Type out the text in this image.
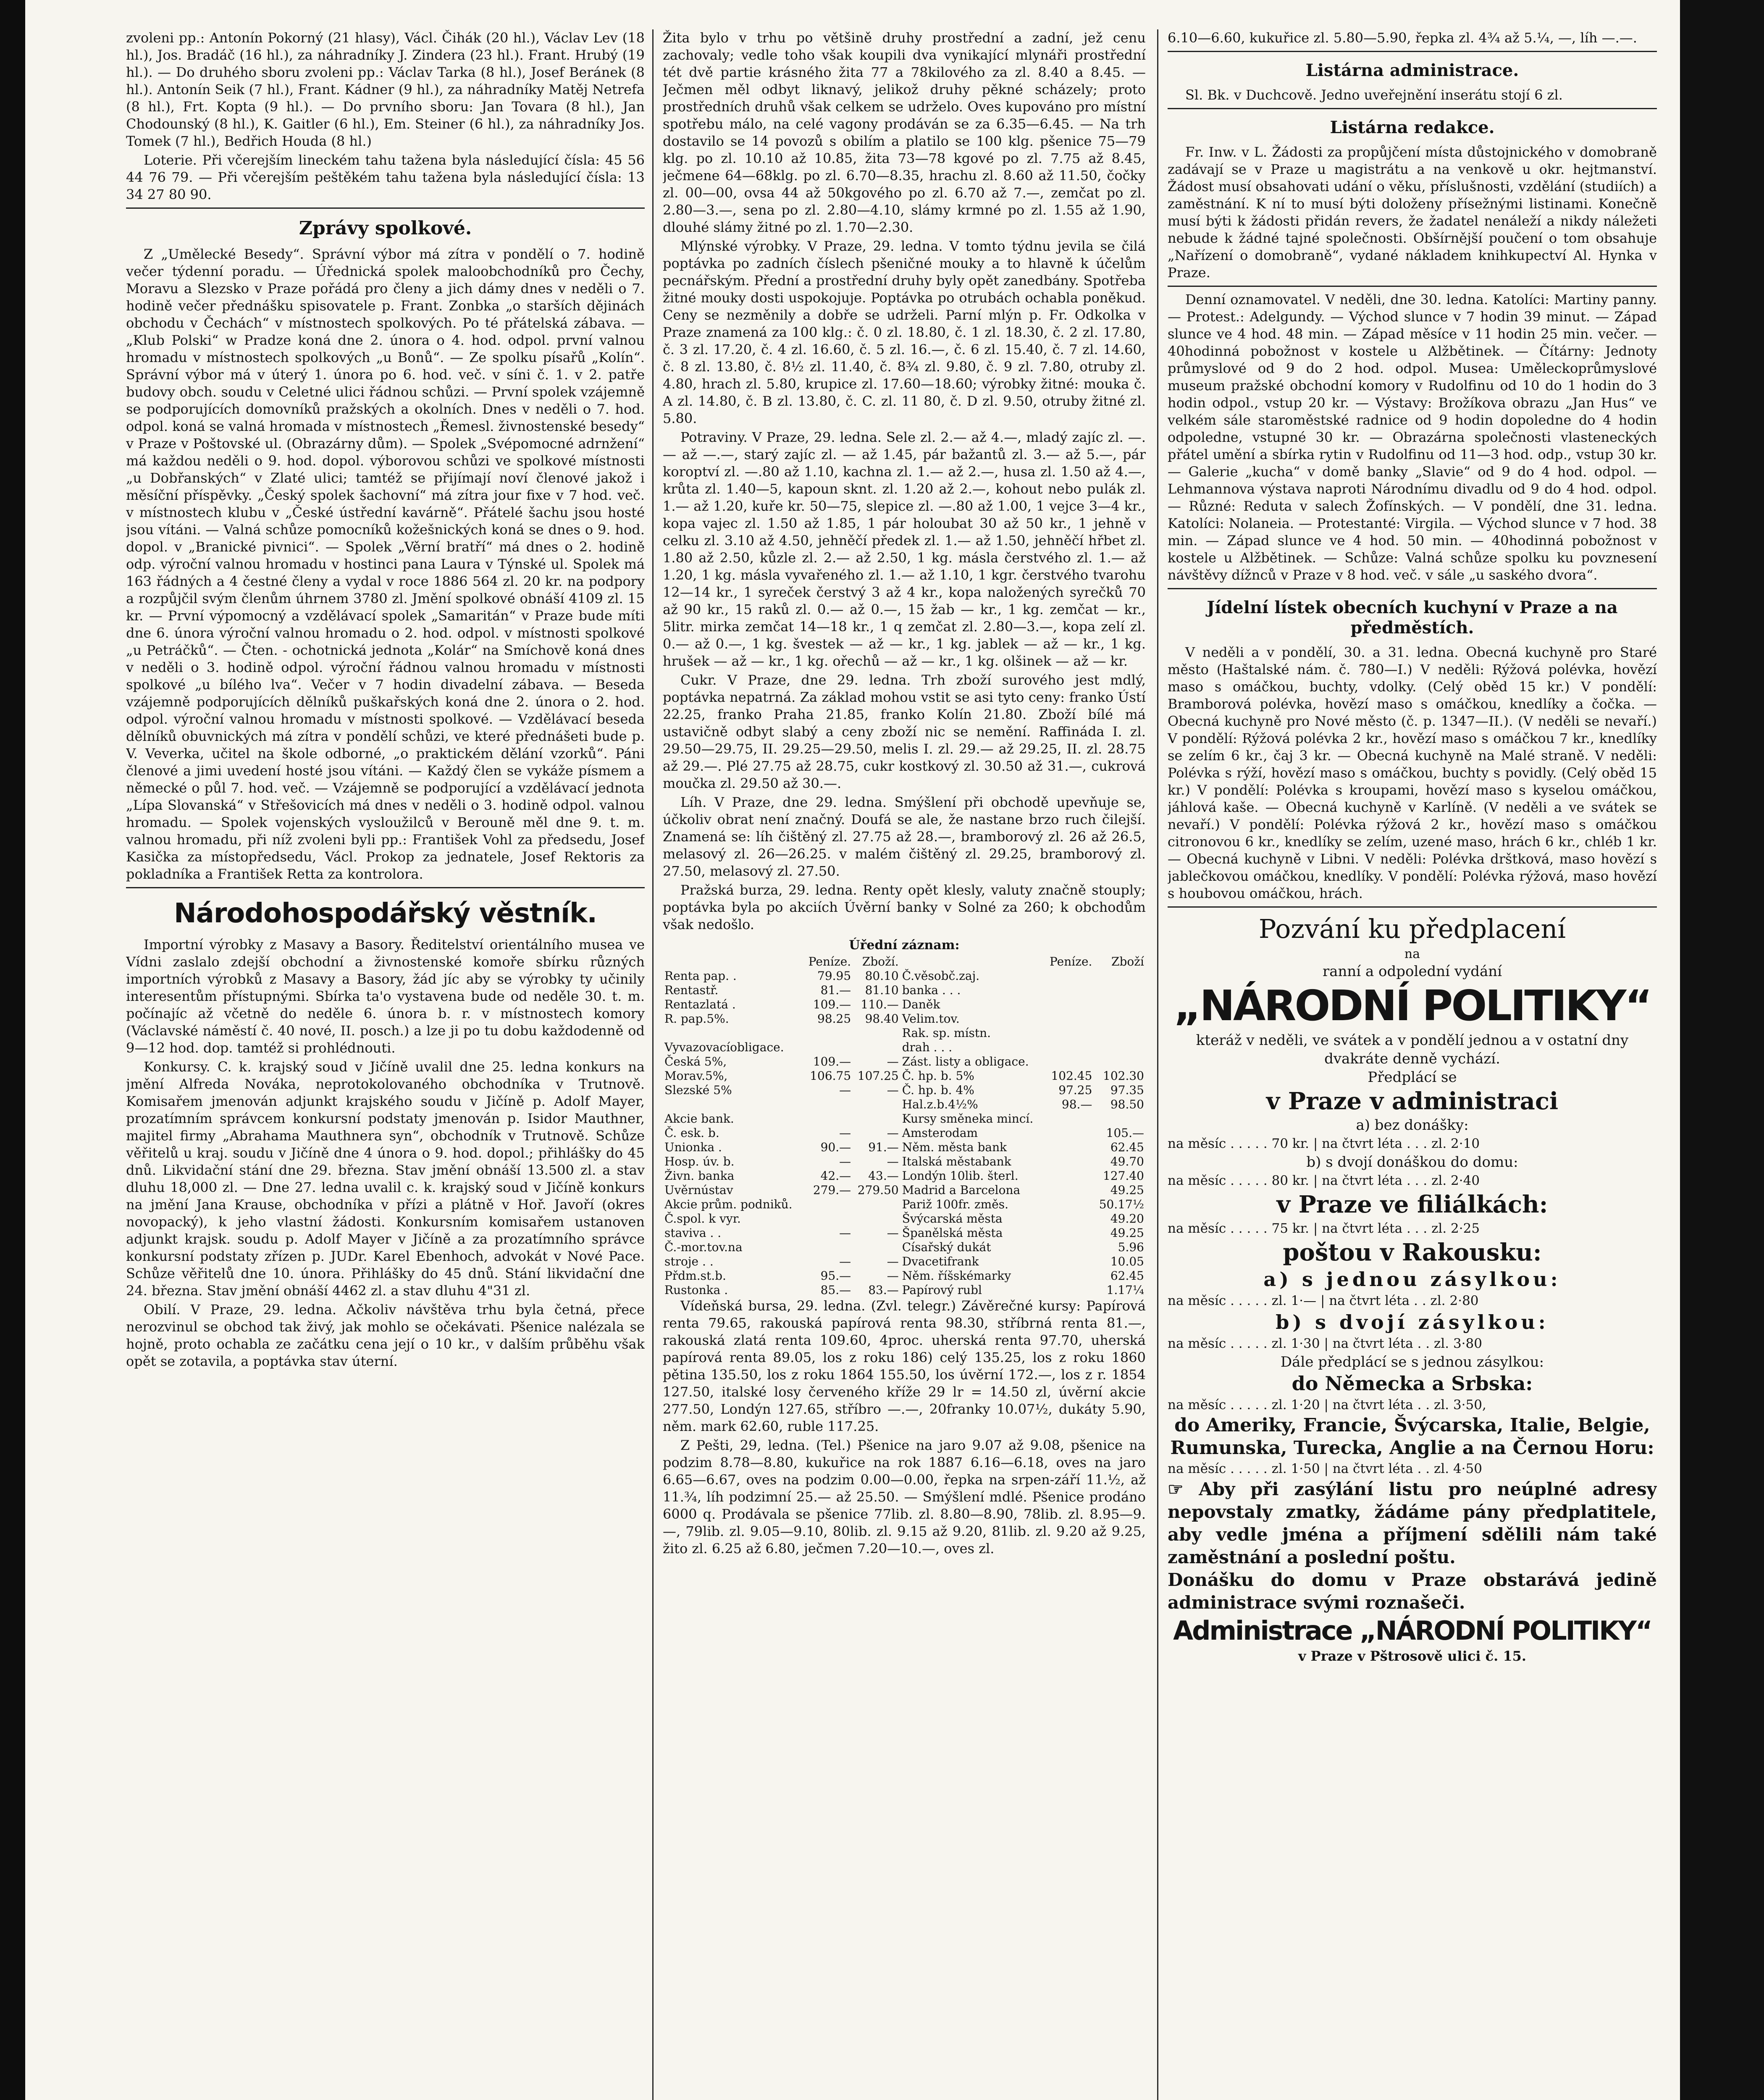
zvoleni pp.: Antonín Pokorný (21 hlasy), Václ. Čihák (20 hl.), Václav Lev (18 hl.), Jos. Bradáč (16 hl.), za náhradníky J. Zindera (23 hl.). Frant. Hrubý (19 hl.). — Do druhého sboru zvoleni pp.: Václav Tarka (8 hl.), Josef Beránek (8 hl.). Antonín Seik (7 hl.), Frant. Kádner (9 hl.), za náhradníky Matěj Netrefa (8 hl.), Frt. Kopta (9 hl.). — Do prvního sboru: Jan Tovara (8 hl.), Jan Chodounský (8 hl.), K. Gaitler (6 hl.), Em. Steiner (6 hl.), za náhradníky Jos. Tomek (7 hl.), Bedřich Houda (8 hl.)

Loterie. Při včerejším lineckém tahu tažena byla následující čísla: 45 56 44 76 79. — Při včerejším peštěkém tahu tažena byla následující čísla: 13 34 27 80 90.

Zprávy spolkové.

Z „Umělecké Besedy“. Správní výbor má zítra v pondělí o 7. hodině večer týdenní poradu. — Úřednická spolek maloobchodníků pro Čechy, Moravu a Slezsko v Praze pořádá pro členy a jich dámy dnes v neděli o 7. hodině večer přednášku spisovatele p. Frant. Zonbka „o starších dějinách obchodu v Čechách“ v místnostech spolkových. Po té přátelská zábava. — „Klub Polski“ w Pradze koná dne 2. února o 4. hod. odpol. první valnou hromadu v místnostech spolkových „u Bonů“. — Ze spolku písařů „Kolín“. Správní výbor má v úterý 1. února po 6. hod. več. v síni č. 1. v 2. patře budovy obch. soudu v Celetné ulici řádnou schůzi. — První spolek vzájemně se podporujících domovníků pražských a okolních. Dnes v neděli o 7. hod. odpol. koná se valná hromada v místnostech „Řemesl. živnostenské besedy“ v Praze v Poštovské ul. (Obrazárny dům). — Spolek „Svépomocné adrnžení“ má každou neděli o 9. hod. dopol. výborovou schůzi ve spolkové místnosti „u Dobřanských“ v Zlaté ulici; tamtéž se přijímají noví členové jakož i měsíční příspěvky. „Český spolek šachovní“ má zítra jour fixe v 7 hod. več. v místnostech klubu v „České ústřední kavárně“. Přátelé šachu jsou hosté jsou vítáni. — Valná schůze pomocníků kožešnických koná se dnes o 9. hod. dopol. v „Branické pivnici“. — Spolek „Věrní bratří“ má dnes o 2. hodině odp. výroční valnou hromadu v hostinci pana Laura v Týnské ul. Spolek má 163 řádných a 4 čestné členy a vydal v roce 1886 564 zl. 20 kr. na podpory a rozpůjčil svým členům úhrnem 3780 zl. Jmění spolkové obnáší 4109 zl. 15 kr. — První výpomocný a vzdělávací spolek „Samaritán“ v Praze bude míti dne 6. února výroční valnou hromadu o 2. hod. odpol. v místnosti spolkové „u Petráčků“. — Čten. - ochotnická jednota „Kolár“ na Smíchově koná dnes v neděli o 3. hodině odpol. výroční řádnou valnou hromadu v místnosti spolkové „u bílého lva“. Večer v 7 hodin divadelní zábava. — Beseda vzájemně podporujících dělníků puškařských koná dne 2. února o 2. hod. odpol. výroční valnou hromadu v místnosti spolkové. — Vzdělávací beseda dělníků obuvnických má zítra v pondělí schůzi, ve které přednášeti bude p. V. Veverka, učitel na škole odborné, „o praktickém dělání vzorků“. Páni členové a jimi uvedení hosté jsou vítáni. — Každý člen se vykáže písmem a německé o půl 7. hod. več. — Vzájemně se podporující a vzdělávací jednota „Lípa Slovanská“ v Střešovicích má dnes v neděli o 3. hodině odpol. valnou hromadu. — Spolek vojenských vysloužilců v Berouně měl dne 9. t. m. valnou hromadu, při níž zvoleni byli pp.: František Vohl za předsedu, Josef Kasička za místopředsedu, Václ. Prokop za jednatele, Josef Rektoris za pokladníka a František Retta za kontrolora.

Národohospodářský věstník.

Importní výrobky z Masavy a Basory. Ředitelství orientálního musea ve Vídni zaslalo zdejší obchodní a živnostenské komoře sbírku různých importních výrobků z Masavy a Basory, žád jíc aby se výrobky ty učinily interesentům přístupnými. Sbírka ta'o vystavena bude od neděle 30. t. m. počínajíc až včetně do neděle 6. února b. r. v místnostech komory (Václavské náměstí č. 40 nové, II. posch.) a lze ji po tu dobu každodenně od 9—12 hod. dop. tamtéž si prohlédnouti.

Konkursy. C. k. krajský soud v Jičíně uvalil dne 25. ledna konkurs na jmění Alfreda Nováka, neprotokolovaného obchodníka v Trutnově. Komisařem jmenován adjunkt krajského soudu v Jičíně p. Adolf Mayer, prozatímním správcem konkursní podstaty jmenován p. Isidor Mauthner, majitel firmy „Abrahama Mauthnera syn“, obchodník v Trutnově. Schůze věřitelů u kraj. soudu v Jičíně dne 4 února o 9. hod. dopol.; přihlášky do 45 dnů. Likvidační stání dne 29. března. Stav jmění obnáší 13.500 zl. a stav dluhu 18,000 zl. — Dne 27. ledna uvalil c. k. krajský soud v Jičíně konkurs na jmění Jana Krause, obchodníka v přízi a plátně v Hoř. Javoří (okres novopacký), k jeho vlastní žádosti. Konkursním komisařem ustanoven adjunkt krajsk. soudu p. Adolf Mayer v Jičíně a za prozatímního správce konkursní podstaty zřízen p. JUDr. Karel Ebenhoch, advokát v Nové Pace. Schůze věřitelů dne 10. února. Přihlášky do 45 dnů. Stání likvidační dne 24. března. Stav jmění obnáší 4462 zl. a stav dluhu 4"31 zl.

Obilí. V Praze, 29. ledna. Ačkoliv návštěva trhu byla četná, přece nerozvinul se obchod tak živý, jak mohlo se očekávati. Pšenice nalézala se hojně, proto ochabla ze začátku cena její o 10 kr., v dalším průběhu však opět se zotavila, a poptávka stav úterní.

Žita bylo v trhu po většině druhy prostřední a zadní, jež cenu zachovaly; vedle toho však koupili dva vynikající mlynáři prostřední tét dvě partie krásného žita 77 a 78kilového za zl. 8.40 a 8.45. — Ječmen měl odbyt liknavý, jelikož druhy pěkné scházely; proto prostředních druhů však celkem se udrželo. Oves kupováno pro místní spotřebu málo, na celé vagony prodáván se za 6.35—6.45. — Na trh dostavilo se 14 povozů s obilím a platilo se 100 klg. pšenice 75—79 klg. po zl. 10.10 až 10.85, žita 73—78 kgové po zl. 7.75 až 8.45, ječmene 64—68klg. po zl. 6.70—8.35, hrachu zl. 8.60 až 11.50, čočky zl. 00—00, ovsa 44 až 50kgového po zl. 6.70 až 7.—, zemčat po zl. 2.80—3.—, sena po zl. 2.80—4.10, slámy krmné po zl. 1.55 až 1.90, dlouhé slámy žitné po zl. 1.70—2.30.

Mlýnské výrobky. V Praze, 29. ledna. V tomto týdnu jevila se čilá poptávka po zadních číslech pšeničné mouky a to hlavně k účelům pecnářským. Přední a prostřední druhy byly opět zanedbány. Spotřeba žitné mouky dosti uspokojuje. Poptávka po otrubách ochabla poněkud. Ceny se nezměnily a dobře se udrželi. Parní mlýn p. Fr. Odkolka v Praze znamená za 100 klg.: č. 0 zl. 18.80, č. 1 zl. 18.30, č. 2 zl. 17.80, č. 3 zl. 17.20, č. 4 zl. 16.60, č. 5 zl. 16.—, č. 6 zl. 15.40, č. 7 zl. 14.60, č. 8 zl. 13.80, č. 8½ zl. 11.40, č. 8¾ zl. 9.80, č. 9 zl. 7.80, otruby zl. 4.80, hrach zl. 5.80, krupice zl. 17.60—18.60; výrobky žitné: mouka č. A zl. 14.80, č. B zl. 13.80, č. C. zl. 11 80, č. D zl. 9.50, otruby žitné zl. 5.80.

Potraviny. V Praze, 29. ledna. Sele zl. 2.— až 4.—, mladý zajíc zl. —.— až —.—, starý zajíc zl. — až 1.45, pár bažantů zl. 3.— až 5.—, pár koroptví zl. —.80 až 1.10, kachna zl. 1.— až 2.—, husa zl. 1.50 až 4.—, krůta zl. 1.40—5, kapoun sknt. zl. 1.20 až 2.—, kohout nebo pulák zl. 1.— až 1.20, kuře kr. 50—75, slepice zl. —.80 až 1.00, 1 vejce 3—4 kr., kopa vajec zl. 1.50 až 1.85, 1 pár holoubat 30 až 50 kr., 1 jehně v celku zl. 3.10 až 4.50, jehněčí předek zl. 1.— až 1.50, jehněčí hřbet zl. 1.80 až 2.50, kůzle zl. 2.— až 2.50, 1 kg. másla čerstvého zl. 1.— až 1.20, 1 kg. másla vyvařeného zl. 1.— až 1.10, 1 kgr. čerstvého tvarohu 12—14 kr., 1 syreček čerstvý 3 až 4 kr., kopa naložených syrečků 70 až 90 kr., 15 raků zl. 0.— až 0.—, 15 žab — kr., 1 kg. zemčat — kr., 5litr. mirka zemčat 14—18 kr., 1 q zemčat zl. 2.80—3.—, kopa zelí zl. 0.— až 0.—, 1 kg. švestek — až — kr., 1 kg. jablek — až — kr., 1 kg. hrušek — až — kr., 1 kg. ořechů — až — kr., 1 kg. olšinek — až — kr.

Cukr. V Praze, dne 29. ledna. Trh zboží surového jest mdlý, poptávka nepatrná. Za základ mohou vstit se asi tyto ceny: franko Ústí 22.25, franko Praha 21.85, franko Kolín 21.80. Zboží bílé má ustavičně odbyt slabý a ceny zboží nic se nemění. Raffináda I. zl. 29.50—29.75, II. 29.25—29.50, melis I. zl. 29.— až 29.25, II. zl. 28.75 až 29.—. Plé 27.75 až 28.75, cukr kostkový zl. 30.50 až 31.—, cukrová moučka zl. 29.50 až 30.—.

Líh. V Praze, dne 29. ledna. Smýšlení při obchodě upevňuje se, účkoliv obrat není značný. Doufá se ale, že nastane brzo ruch čilejší. Znamená se: líh čištěný zl. 27.75 až 28.—, bramborový zl. 26 až 26.5, melasový zl. 26—26.25. v malém čištěný zl. 29.25, bramborový zl. 27.50, melasový zl. 27.50.

Pražská burza, 29. ledna. Renty opět klesly, valuty značně stouply; poptávka byla po akciích Úvěrní banky v Solné za 260; k obchodům však nedošlo.

Úřední záznam:
	Peníze.	Zboží.		Peníze.	Zboží
Renta pap. .	79.95	80.10	Č.věsobč.zaj.		
Rentastř.	81.—	81.10	banka . . .		
Rentazlatá .	109.—	110.—	Daněk		
R. pap.5%.	98.25	98.40	Velim.tov.		
			Rak. sp. místn.		
Vyvazovacíobligace.			drah . . .		
Česká 5%,	109.—	—	Zást. listy a obligace.		
Morav.5%,	106.75	107.25	Č. hp. b. 5%	102.45	102.30
Slezské 5%	—	—	Č. hp. b. 4%	97.25	97.35
			Hal.z.b.4½%	98.—	98.50
Akcie bank.			Kursy směneka mincí.		
Č. esk. b.	—	—	Amsterodam		105.—
Unionka .	90.—	91.—	Něm. města bank		62.45
Hosp. úv. b.	—	—	Italská městabank		49.70
Živn. banka	42.—	43.—	Londýn 10lib. šterl.		127.40
Uvěrnústav	279.—	279.50	Madrid a Barcelona		49.25
Akcie prům. podniků.			Pariž 100fr. změs.		50.17½
Č.spol. k vyr.			Švýcarská města		49.20
staviva . .	—	—	Španělská města		49.25
Č.-mor.tov.na			Císařský dukát		5.96
stroje . .	—	—	Dvacetifrank		10.05
Přdm.st.b.	95.—	—	Něm. říšskémarky		62.45
Rustonka .	85.—	83.—	Papírový rubl		1.17¼

Vídeňská bursa, 29. ledna. (Zvl. telegr.) Závěrečné kursy: Papírová renta 79.65, rakouská papírová renta 98.30, stříbrná renta 81.—, rakouská zlatá renta 109.60, 4proc. uherská renta 97.70, uherská papírová renta 89.05, los z roku 186) celý 135.25, los z roku 1860 pětina 135.50, los z roku 1864 155.50, los úvěrní 172.—, los z r. 1854 127.50, italské losy červeného kříže 29 lr = 14.50 zl, úvěrní akcie 277.50, Londýn 127.65, stříbro —.—, 20franky 10.07½, dukáty 5.90, něm. mark 62.60, ruble 117.25.

Z Pešti, 29, ledna. (Tel.) Pšenice na jaro 9.07 až 9.08, pšenice na podzim 8.78—8.80, kukuřice na rok 1887 6.16—6.18, oves na jaro 6.65—6.67, oves na podzim 0.00—0.00, řepka na srpen-září 11.½, až 11.¾, líh podzimní 25.— až 25.50. — Smýšlení mdlé. Pšenice prodáno 6000 q. Prodávala se pšenice 77lib. zl. 8.80—8.90, 78lib. zl. 8.95—9.—, 79lib. zl. 9.05—9.10, 80lib. zl. 9.15 až 9.20, 81lib. zl. 9.20 až 9.25, žito zl. 6.25 až 6.80, ječmen 7.20—10.—, oves zl.

6.10—6.60, kukuřice zl. 5.80—5.90, řepka zl. 4¾ až 5.¼, —, líh —.—.

Listárna administrace.

Sl. Bk. v Duchcově. Jedno uveřejnění inserátu stojí 6 zl.

Listárna redakce.

Fr. Inw. v L. Žádosti za propůjčení místa důstojnického v domobraně zadávají se v Praze u magistrátu a na venkově u okr. hejtmanství. Žádost musí obsahovati udání o věku, příslušnosti, vzdělání (studiích) a zaměstnání. K ní to musí býti doloženy přísežnými listinami. Konečně musí býti k žádosti přidán revers, že žadatel nenáleží a nikdy náležeti nebude k žádné tajné společnosti. Obšírnější poučení o tom obsahuje „Nařízení o domobraně“, vydané nákladem knihkupectví Al. Hynka v Praze.

Denní oznamovatel. V neděli, dne 30. ledna. Katolíci: Martiny panny. — Protest.: Adelgundy. — Východ slunce v 7 hodin 39 minut. — Západ slunce ve 4 hod. 48 min. — Západ měsíce v 11 hodin 25 min. večer. — 40hodinná pobožnost v kostele u Alžbětinek. — Čítárny: Jednoty průmyslové od 9 do 2 hod. odpol. Musea: Uměleckoprůmyslové museum pražské obchodní komory v Rudolfinu od 10 do 1 hodin do 3 hodin odpol., vstup 20 kr. — Výstavy: Brožíkova obrazu „Jan Hus“ ve velkém sále staroměstské radnice od 9 hodin dopoledne do 4 hodin odpoledne, vstupné 30 kr. — Obrazárna společnosti vlasteneckých přátel umění a sbírka rytin v Rudolfinu od 11—3 hod. odp., vstup 30 kr. — Galerie „kucha“ v domě banky „Slavie“ od 9 do 4 hod. odpol. — Lehmannova výstava naproti Národnímu divadlu od 9 do 4 hod. odpol. — Různé: Reduta v salech Žofínských. — V pondělí, dne 31. ledna. Katolíci: Nolaneia. — Protestanté: Virgila. — Východ slunce v 7 hod. 38 min. — Západ slunce ve 4 hod. 50 min. — 40hodinná pobožnost v kostele u Alžbětinek. — Schůze: Valná schůze spolku ku povznesení návštěvy dížnců v Praze v 8 hod. več. v sále „u saského dvora“.

Jídelní lístek obecních kuchyní v Praze a na předměstích.

V neděli a v pondělí, 30. a 31. ledna. Obecná kuchyně pro Staré město (Haštalské nám. č. 780—I.) V neděli: Rýžová polévka, hovězí maso s omáčkou, buchty, vdolky. (Celý oběd 15 kr.) V pondělí: Bramborová polévka, hovězí maso s omáčkou, knedlíky a čočka. — Obecná kuchyně pro Nové město (č. p. 1347—II.). (V neděli se nevaří.) V pondělí: Rýžová polévka 2 kr., hovězí maso s omáčkou 7 kr., knedlíky se zelím 6 kr., čaj 3 kr. — Obecná kuchyně na Malé straně. V neděli: Polévka s rýží, hovězí maso s omáčkou, buchty s povidly. (Celý oběd 15 kr.) V pondělí: Polévka s kroupami, hovězí maso s kyselou omáčkou, jáhlová kaše. — Obecná kuchyně v Karlíně. (V neděli a ve svátek se nevaří.) V pondělí: Polévka rýžová 2 kr., hovězí maso s omáčkou citronovou 6 kr., knedlíky se zelím, uzené maso, hrách 6 kr., chléb 1 kr. — Obecná kuchyně v Libni. V neděli: Polévka drštková, maso hovězí s jablečkovou omáčkou, knedlíky. V pondělí: Polévka rýžová, maso hovězí s houbovou omáčkou, hrách.

Pozvání ku předplacení
na
ranní a odpolední vydání
„NÁRODNÍ POLITIKY“
kteráž v neděli, ve svátek a v pondělí jednou a v ostatní dny dvakráte denně vychází.
Předplácí se
v Praze v administraci
a) bez donášky:
na měsíc . . . . . 70 kr. | na čtvrt léta . . . zl. 2·10
b) s dvojí donáškou do domu:
na měsíc . . . . . 80 kr. | na čtvrt léta . . . zl. 2·40
v Praze ve filiálkách:
na měsíc . . . . . 75 kr. | na čtvrt léta . . . zl. 2·25
poštou v Rakousku:
a) s jednou zásylkou:
na měsíc . . . . . zl. 1·— | na čtvrt léta . . zl. 2·80
b) s dvojí zásylkou:
na měsíc . . . . . zl. 1·30 | na čtvrt léta . . zl. 3·80
Dále předplácí se s jednou zásylkou:
do Německa a Srbska:
na měsíc . . . . . zl. 1·20 | na čtvrt léta . . zl. 3·50,
do Ameriky, Francie, Švýcarska, Italie, Belgie, Rumunska, Turecka, Anglie a na Černou Horu:
na měsíc . . . . . zl. 1·50 | na čtvrt léta . . zl. 4·50
☞ Aby při zasýlání listu pro neúplné adresy nepovstaly zmatky, žádáme pány předplatitele, aby vedle jména a příjmení sdělili nám také zaměstnání a poslední poštu.
Donášku do domu v Praze obstarává jedině administrace svými roznašeči.
Administrace „NÁRODNÍ POLITIKY“
v Praze v Pštrosově ulici č. 15.
